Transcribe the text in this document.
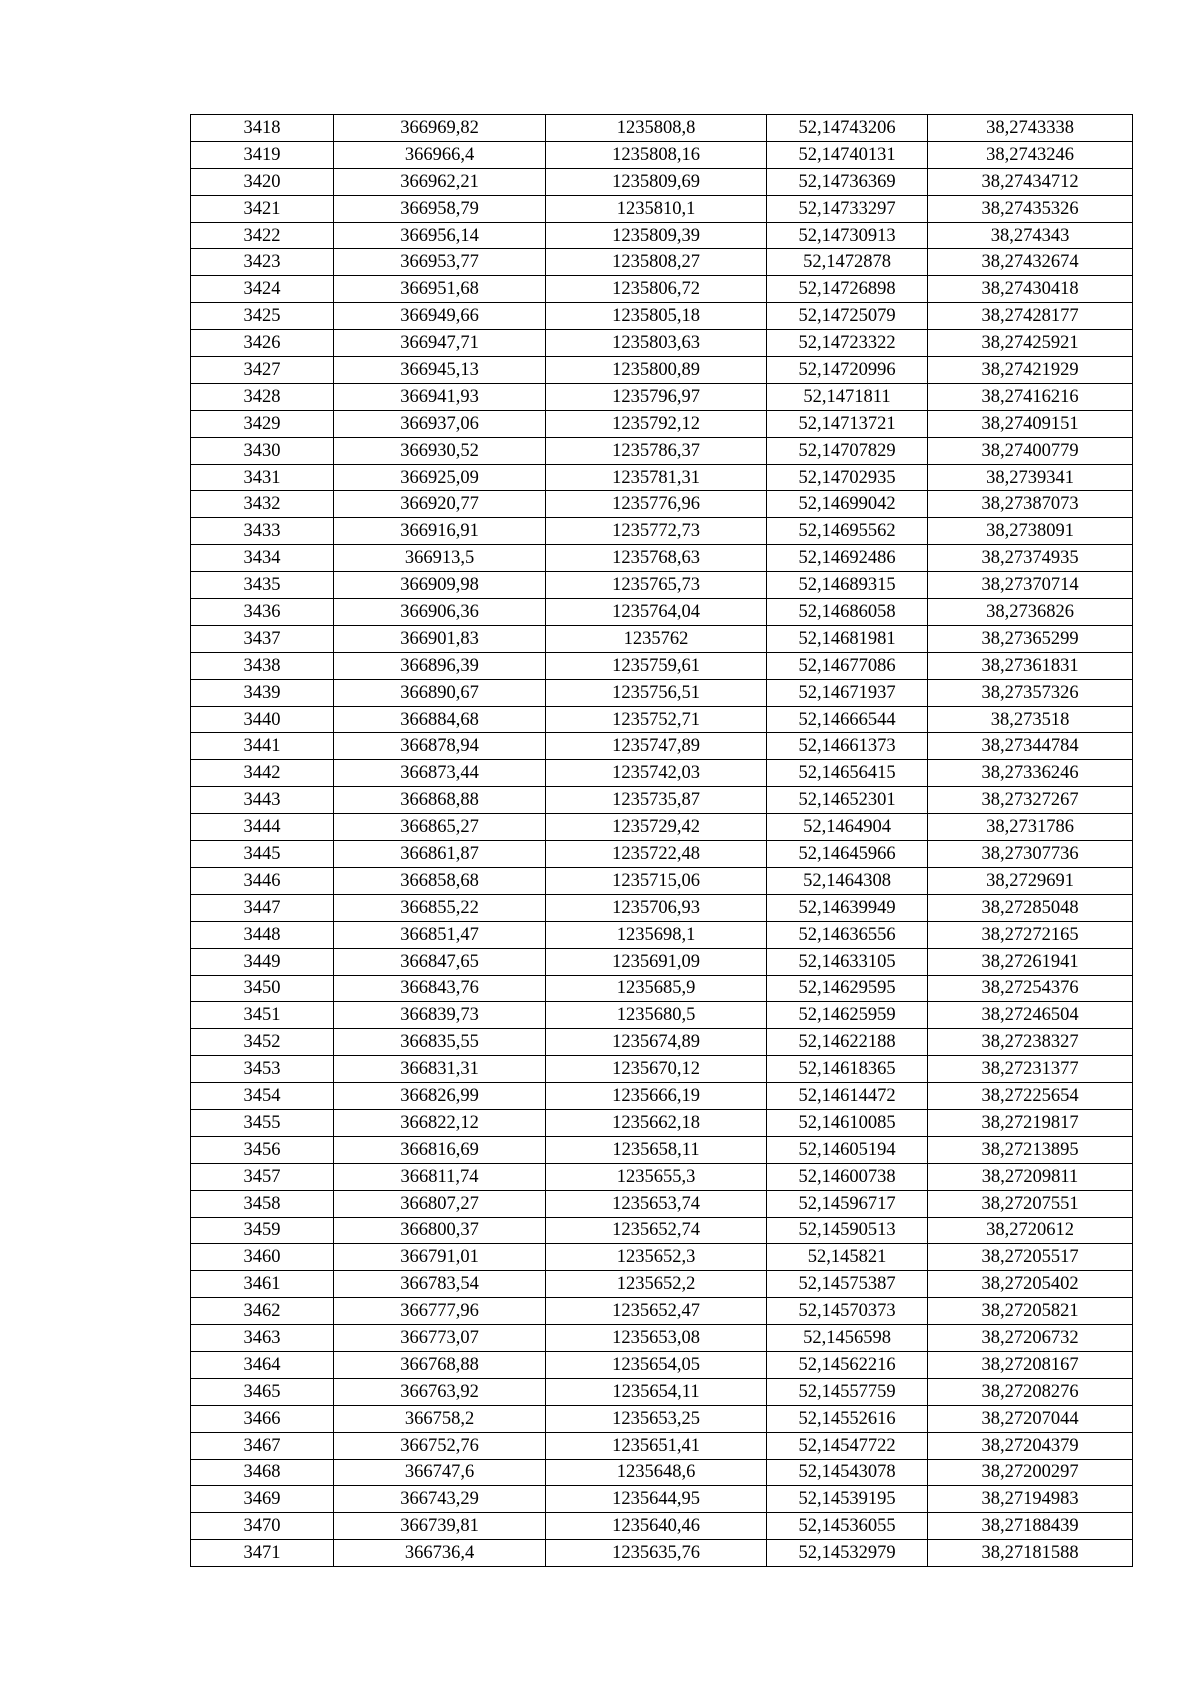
3418	366969,82	1235808,8	52,14743206	38,2743338
3419	366966,4	1235808,16	52,14740131	38,2743246
3420	366962,21	1235809,69	52,14736369	38,27434712
3421	366958,79	1235810,1	52,14733297	38,27435326
3422	366956,14	1235809,39	52,14730913	38,274343
3423	366953,77	1235808,27	52,1472878	38,27432674
3424	366951,68	1235806,72	52,14726898	38,27430418
3425	366949,66	1235805,18	52,14725079	38,27428177
3426	366947,71	1235803,63	52,14723322	38,27425921
3427	366945,13	1235800,89	52,14720996	38,27421929
3428	366941,93	1235796,97	52,1471811	38,27416216
3429	366937,06	1235792,12	52,14713721	38,27409151
3430	366930,52	1235786,37	52,14707829	38,27400779
3431	366925,09	1235781,31	52,14702935	38,2739341
3432	366920,77	1235776,96	52,14699042	38,27387073
3433	366916,91	1235772,73	52,14695562	38,2738091
3434	366913,5	1235768,63	52,14692486	38,27374935
3435	366909,98	1235765,73	52,14689315	38,27370714
3436	366906,36	1235764,04	52,14686058	38,2736826
3437	366901,83	1235762	52,14681981	38,27365299
3438	366896,39	1235759,61	52,14677086	38,27361831
3439	366890,67	1235756,51	52,14671937	38,27357326
3440	366884,68	1235752,71	52,14666544	38,273518
3441	366878,94	1235747,89	52,14661373	38,27344784
3442	366873,44	1235742,03	52,14656415	38,27336246
3443	366868,88	1235735,87	52,14652301	38,27327267
3444	366865,27	1235729,42	52,1464904	38,2731786
3445	366861,87	1235722,48	52,14645966	38,27307736
3446	366858,68	1235715,06	52,1464308	38,2729691
3447	366855,22	1235706,93	52,14639949	38,27285048
3448	366851,47	1235698,1	52,14636556	38,27272165
3449	366847,65	1235691,09	52,14633105	38,27261941
3450	366843,76	1235685,9	52,14629595	38,27254376
3451	366839,73	1235680,5	52,14625959	38,27246504
3452	366835,55	1235674,89	52,14622188	38,27238327
3453	366831,31	1235670,12	52,14618365	38,27231377
3454	366826,99	1235666,19	52,14614472	38,27225654
3455	366822,12	1235662,18	52,14610085	38,27219817
3456	366816,69	1235658,11	52,14605194	38,27213895
3457	366811,74	1235655,3	52,14600738	38,27209811
3458	366807,27	1235653,74	52,14596717	38,27207551
3459	366800,37	1235652,74	52,14590513	38,2720612
3460	366791,01	1235652,3	52,145821	38,27205517
3461	366783,54	1235652,2	52,14575387	38,27205402
3462	366777,96	1235652,47	52,14570373	38,27205821
3463	366773,07	1235653,08	52,1456598	38,27206732
3464	366768,88	1235654,05	52,14562216	38,27208167
3465	366763,92	1235654,11	52,14557759	38,27208276
3466	366758,2	1235653,25	52,14552616	38,27207044
3467	366752,76	1235651,41	52,14547722	38,27204379
3468	366747,6	1235648,6	52,14543078	38,27200297
3469	366743,29	1235644,95	52,14539195	38,27194983
3470	366739,81	1235640,46	52,14536055	38,27188439
3471	366736,4	1235635,76	52,14532979	38,27181588
